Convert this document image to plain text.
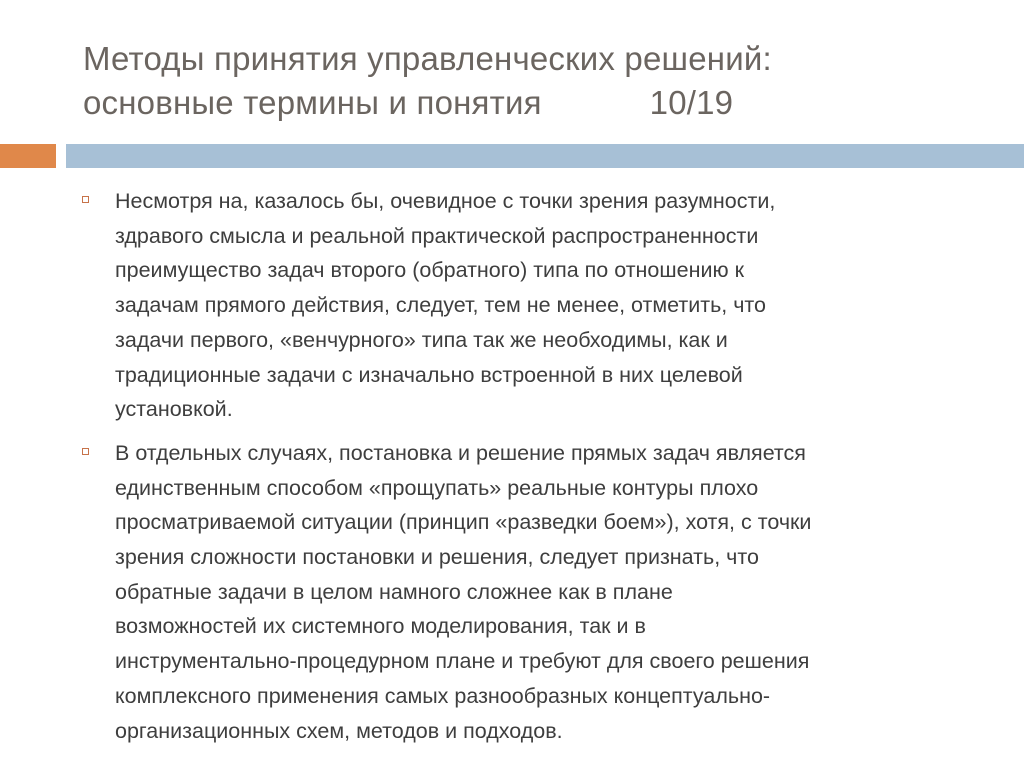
Методы принятия управленческих решений:
основные термины и понятия	10/19
Несмотря на, казалось бы, очевидное с точки зрения разумности,
здравого смысла и реальной практической распространенности
преимущество задач второго (обратного) типа по отношению к
задачам прямого действия, следует, тем не менее, отметить, что
задачи первого, «венчурного» типа так же необходимы, как и
традиционные задачи с изначально встроенной в них целевой
установкой.
В отдельных случаях, постановка и решение прямых задач является
единственным способом «прощупать» реальные контуры плохо
просматриваемой ситуации (принцип «разведки боем»), хотя, с точки
зрения сложности постановки и решения, следует признать, что
обратные задачи в целом намного сложнее как в плане
возможностей их системного моделирования, так и в
инструментально-процедурном плане и требуют для своего решения
комплексного применения самых разнообразных концептуально-
организационных схем, методов и подходов.
